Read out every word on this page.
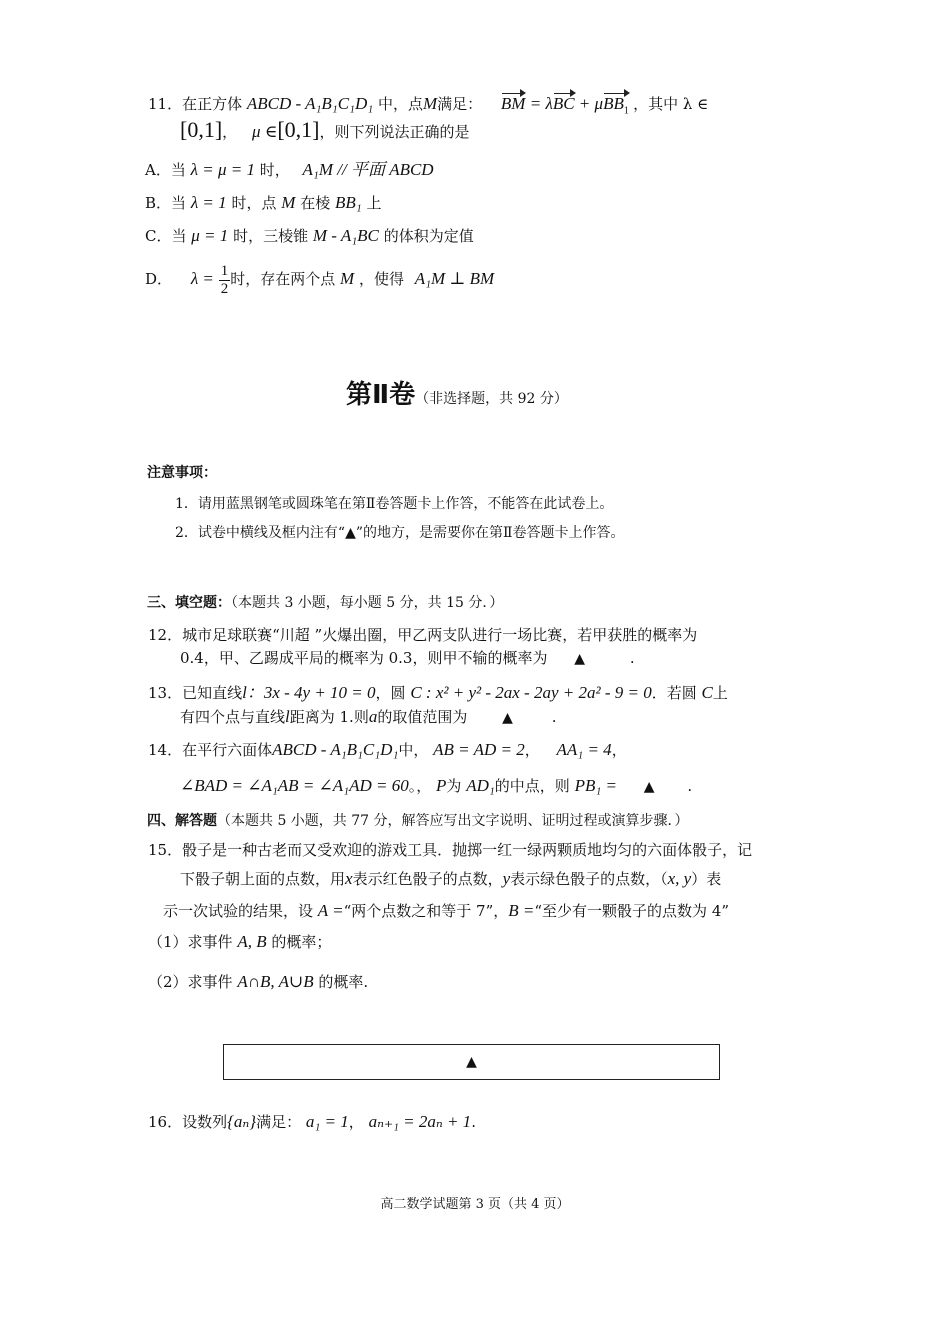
11．在正方体 ABCD - A₁B₁C₁D₁ 中，点M满足： BM = λBC + μBB$_1$ ，其中 λ ∈
[0,1]， μ ∈[0,1]，则下列说法正确的是
A．当 λ = μ = 1 时， A₁M // 平面 ABCD
B．当 λ = 1 时，点 M 在棱 BB₁ 上
C．当 μ = 1 时，三棱锥 M - A₁BC 的体积为定值
D． $\lambda = \frac{1}{2}$ 时，存在两个点 M ，使得 A₁M ⊥ BM
第Ⅱ卷（非选择题，共 92 分）
注意事项：
1．请用蓝黑钢笔或圆珠笔在第Ⅱ卷答题卡上作答，不能答在此试卷上。
2．试卷中横线及框内注有“▲”的地方，是需要你在第Ⅱ卷答题卡上作答。
三、填空题：（本题共 3 小题，每小题 5 分，共 15 分．）
12．城市足球联赛“川超 ”火爆出圈，甲乙两支队进行一场比赛，若甲获胜的概率为
0.4，甲、乙踢成平局的概率为 0.3，则甲不输的概率为 ▲	.
13．已知直线l：3x - 4y + 10 = 0，圆 C : x² + y² - 2ax - 2ay + 2a² - 9 = 0．若圆 C上
有四个点与直线l距离为 1.则a的取值范围为 ▲	.
14．在平行六面体ABCD - A₁B₁C₁D₁中， AB = AD = 2， AA₁ = 4，
∠BAD = ∠A₁AB = ∠A₁AD = 60。， P为 AD₁的中点，则 PB₁ = ▲ .
四、解答题（本题共 5 小题，共 77 分，解答应写出文字说明、证明过程或演算步骤．）
15．骰子是一种古老而又受欢迎的游戏工具．抛掷一红一绿两颗质地均匀的六面体骰子，记
下骰子朝上面的点数，用x表示红色骰子的点数，y表示绿色骰子的点数，（x, y）表
示一次试验的结果，设 A =“两个点数之和等于 7”，B =“至少有一颗骰子的点数为 4”
（1）求事件 A, B 的概率；
（2）求事件 A∩B, A∪B 的概率.
▲
16．设数列{aₙ}满足： a₁ = 1， aₙ₊₁ = 2aₙ + 1.
高二数学试题第 3 页（共 4 页）
